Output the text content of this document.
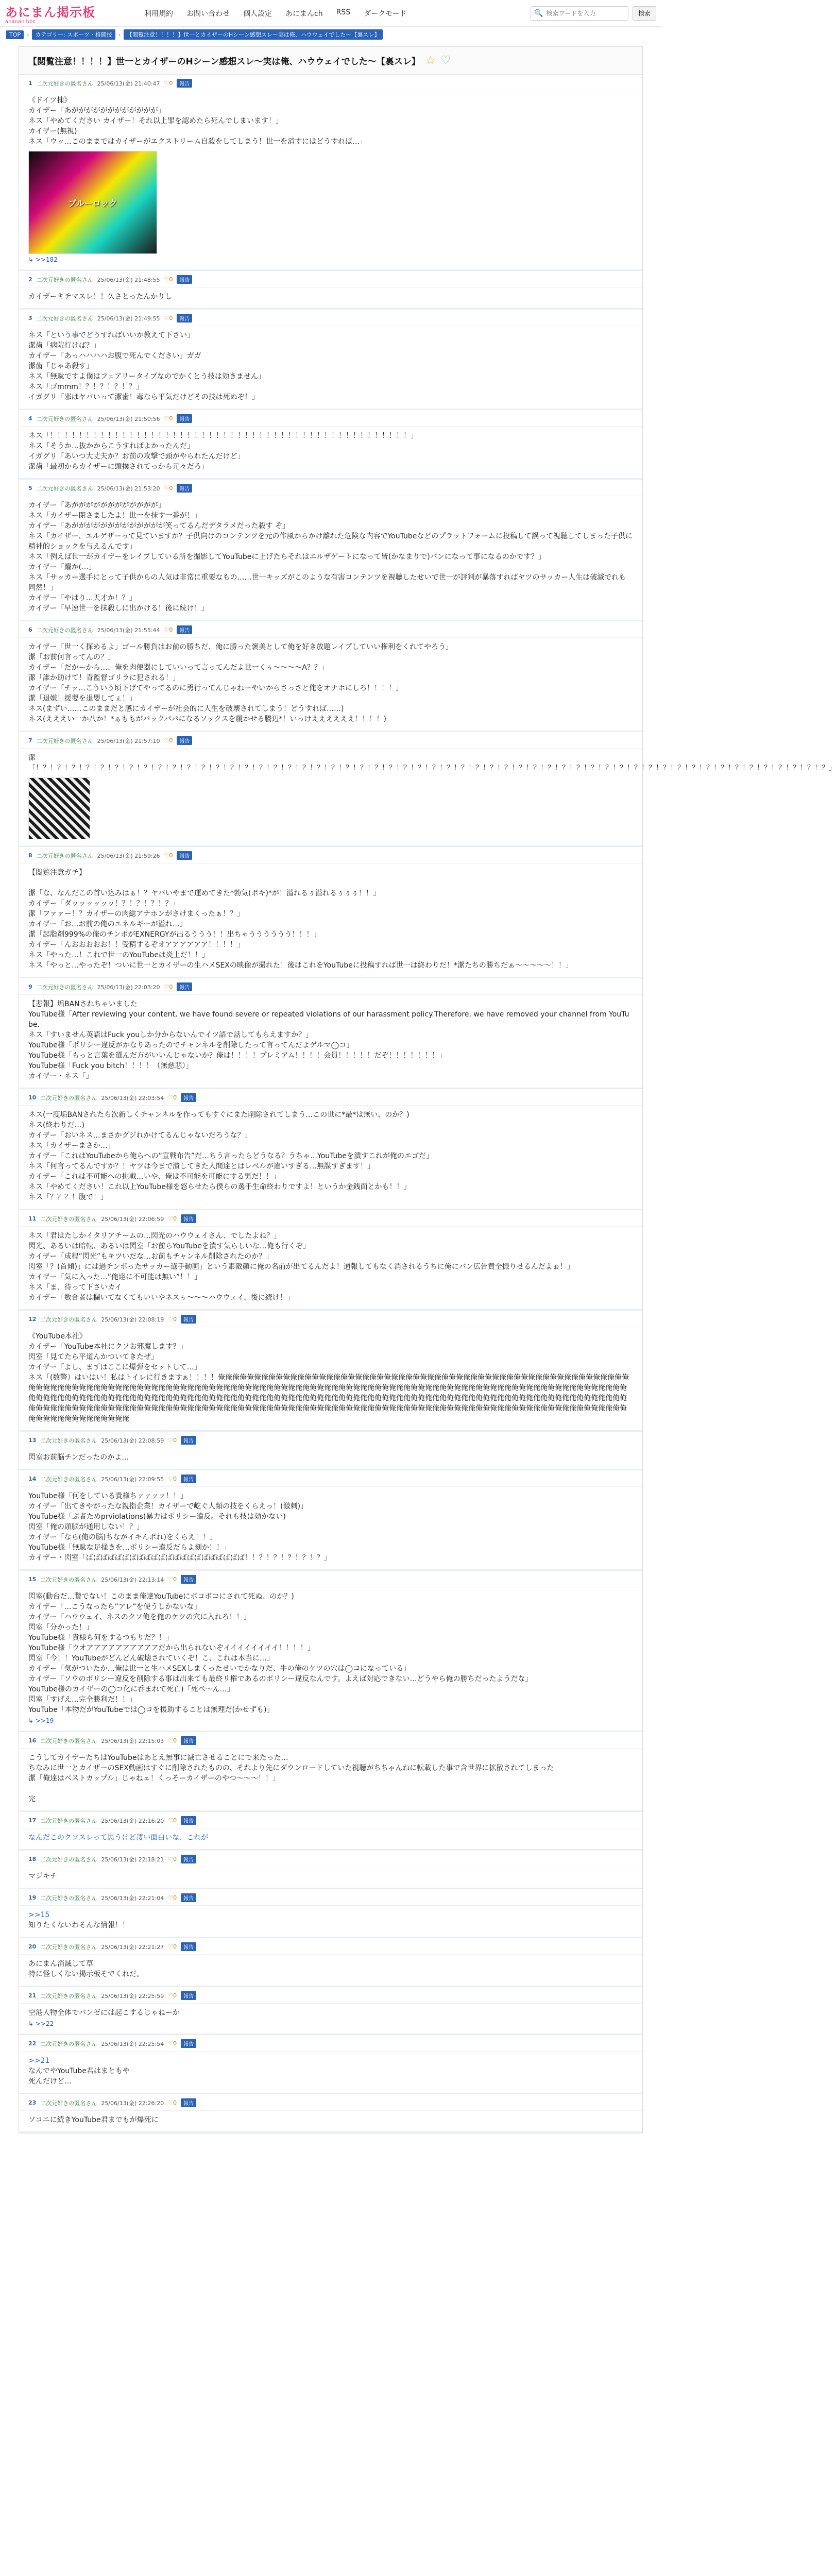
あにまん掲示板
animan bbs
利用規約 お問い合わせ 個人設定 あにまんch RSS ダークモード	🔍
検索ワードを入力	検索
TOP	›	カテゴリー: スポーツ・格闘技	›	【閲覧注意！！！！】世一とカイザーのHシーン感想スレ〜実は俺、ハウウェイでした〜【裏スレ】
【閲覧注意！！！！】世一とカイザーのHシーン感想スレ〜実は俺、ハウウェイでした〜【裏スレ】 ☆ ♡
1 二次元好きの匿名さん 25/06/13(金) 21:40:47 ♡0	報告
《ドイツ棟》
カイザー「あがががががががががががが」
ネス「やめてください カイザー！それ以上罪を認めたら死んでしまいます！」
カイザー(無視)
ネス「ウッ…このままではカイザーがエクストリーム自殺をしてしまう！世一を消すにはどうすれば…」
ブルーロック
↳ >>182
2 二次元好きの匿名さん 25/06/13(金) 21:48:55 ♡0	報告
カイザーキチマスレ！！久さとったんかりし
3 二次元好きの匿名さん 25/06/13(金) 21:49:55 ♡0	報告
ネス「という事でどうすればいいか教えて下さい」
潔歯「病院行けば？」
カイザー「あっハハハハお腹で死んでください」ガガ
潔歯「じゃあ殺す」
ネス「無駄ですよ僕はフェアリータイプなのでかくとう技は効きません」
ネス「ゴmmm！？！？！？！？」
イガグリ「邪はヤバいって潔歯！毒なら平気だけどその技は死ぬぞ！」
4 二次元好きの匿名さん 25/06/13(金) 21:50:56 ♡0	報告
ネス「！！！！！！！！！！！！！！！！！！！！！！！！！！！！！！！！！！！！！！！！！！！！！！！！！！」
ネス「そうか…抜かからこうすればよかったんだ」
イガグリ「あいつ大丈夫か？お前の攻撃で頭がやられたんだけど」
潔歯「最初からカイザーに頭撲されてっから元々だろ」
5 二次元好きの匿名さん 25/06/13(金) 21:53:20 ♡0	報告
カイザー「あがががががががががががが」
ネス「カイザー閉さましたよ！世一を抹す一番が！」
カイザー「あががががががががががががが笑ってるんだデタラメだった殺す ぞ」
ネス「カイザー、エルゲザーって見ていますか？子供向けのコンテンツを元の作風からかけ離れた危険な内容でYouTubeなどのプラットフォームに投稿して誤って視聴してしまった子供に精神的ショックを与えるんです」
ネス「例えば世一がカイザーをレイプしている所を撮影してYouTubeに上げたらそれはエルザゲートになって皆(かなまりで)バンになって事になるのかです？」
カイザー「躍か(…」
ネス「サッカー選手にとって子供からの人気は非常に重要なもの……世一キッズがこのような有害コンテンツを視聴したせいで世一が評判が暴落すればヤツのサッカー人生は破滅でれも同然！」
カイザー「やはり…天才か！？」
カイザー「早速世一を抹殺しに出かける！後に続け！」
6 二次元好きの匿名さん 25/06/13(金) 21:55:44 ♡0	報告
カイザー「世一く探めるよ」ゴール勝負はお前の勝ちだ、俺に勝った褒美として俺を好き放題レイプしていい権利をくれてやろう」
潔「お前何言ってんの？」
カイザー「だかーから…、俺を肉便器にしていいって言ってんだよ世一くぅ〜〜〜〜A？？」
潔「誰か助けて！青監督ゴリラに犯される！」
カイザー「チッ…こういう頃下げてやってるのに勇行ってんじゃねーやいからさっさと俺をオナホにしろ！！！！」
潔「退嫌！援嬰を退嬰してぇ！」
ネス(まずい……このままだと感にカイザーが社会的に人生を破壊されてしまう！どうすれば……)
ネス(えええい一か八か！*ぁももがバックパパになるソックスを履かせる騰辺*！いっけええええええ！！！！)
7 二次元好きの匿名さん 25/06/13(金) 21:57:10 ♡0	報告
潔
「！？！？！？！？！？！？！？！？！？！？！？！？！？！？！？！？！？！？！？！？！？！？！？！？！？！？！？！？！？！？！？！？！？！？！？！？！？！？！？！？！？！？！？！？！？！？！？！？！？！？！？！？！？！？！？」
8 二次元好きの匿名さん 25/06/13(金) 21:59:26 ♡0	報告
【閲覧注意ガチ】

潔「な、なんだこの首い込みはぁ！？ヤバいやまで運めてきた*勃気(ボキ)*が！溢れるぅ溢れるぅぅぅ！！」
カイザー「ダッッッッッッ！？！？！？！？」
潔「ファァー！？カイザーの肉総アナホンがさけまくったぁ！？」
カイザー「お…お前の俺のエネルギーが溢れ…」
潔「起脂剤999%の俺のチンポがEXNERGYが出るううう！！出ちゃうううううう！！！」
カイザー「んおおおおお！！受精するぞオアアアアアア！！！！」
ネス「やった…！これで世一のYouTubeは炎上だ！！」
ネス「やっと…やったぞ！ついに世一とカイザーの生ハメSEXの映像が撮れた！後はこれをYouTubeに投稿すれば世一は終わりだ！*潔たちの勝ちだぁ〜〜〜〜〜！！」
9 二次元好きの匿名さん 25/06/13(金) 22:03:20 ♡0	報告
【悲報】垢BANされちゃいました
YouTube様「After reviewing your content, we have found severe or repeated violations of our harassment policy.Therefore, we have removed your channel from YouTube.」
ネス「すいません英語はFuck youしか分からないんでイツ語で話してもらえますか？」
YouTube様「ポリシー違反がかなりあったのでチャンネルを削除したって言ってんだよゲルマ◯コ」
YouTube様「もっと言葉を選んだ方がいいんじゃないか？俺は！！！！プレミアム！！！！会員！！！！！だぞ！！！！！！！」
YouTube様「Fuck you bitch！！！！（無慈悲）」
カイザー・ネス「」
10 二次元好きの匿名さん 25/06/13(金) 22:03:54 ♡0	報告
ネス(一度垢BANされたら次新しくチャンネルを作ってもすぐにまた削除されてしまう…この世に*最*は無い、のか？)
ネス(終わりだ…)
カイザー「おいネス…まさかグジれかけてるんじゃないだろうな？」
ネス「カイザーまさか…」
カイザー「これはYouTubeから俺らへの”宣戦布告”だ…ちう言ったらどうなる？うちゃ…YouTubeを潰すこれが俺のエゴだ」
ネス「何言ってるんですか？！ヤツは今まで潰してきた人間達とはレベルが違いすぎる…無謀すぎます！」
カイザー「これは不可能への挑戦…いや、俺は不可能を可能にする男だ！！」
ネス「やめてください！これ以上YouTube様を怒らせたら僕らの選手生命終わりですよ！というか金銭面とかも！！」
ネス「？？？！腹で！」
11 二次元好きの匿名さん 25/06/13(金) 22:06:59 ♡0	報告
ネス「君はたしかイタリアチームの…閃光のハウウェイさん、でしたよね？」
閃光、あるいは暗転、あるいは閃室「お前らYouTubeを潰す気らしいな…俺も行くぞ」
カイザー「成程”閃光”もキツいだな…お前もチャンネル削除されたのか？」
閃室「？(首傾)」には過チンポったサッカー選手動画」という素敵顔に俺の名前が出てるんだよ！通報してもなく消されるうちに俺にバン広告費全振りせるんだよぉ！」
カイザー「気に入った…”俺達に不可能は無い”！！」
ネス「ま、待って下さいカイ
カイザー「数合者は欄いてなくてもいいやネスぅ〜〜〜ハウウェイ、後に続け！」
12 二次元好きの匿名さん 25/06/13(金) 22:08:19 ♡0	報告
《YouTube本社》
カイザー「YouTube本社にクソお邪魔します？」
閃室「見てたら平道んかついてきたぜ」
カイザー「よし、まずはここに爆弾をセットして…」
ネス「(数警）はいはい！私はトイレに行きますぁ！！！！俺俺俺俺俺俺俺俺俺俺俺俺俺俺俺俺俺俺俺俺俺俺俺俺俺俺俺俺俺俺俺俺俺俺俺俺俺俺俺俺俺俺俺俺俺俺俺俺俺俺俺俺俺俺俺俺俺俺俺俺俺俺俺俺俺俺俺俺俺俺俺俺俺俺俺俺俺俺俺俺俺俺俺俺俺俺俺俺俺俺俺俺俺俺俺俺俺俺俺俺俺俺俺俺俺俺俺俺俺俺俺俺俺俺俺俺俺俺俺俺俺俺俺俺俺俺俺俺俺俺俺俺俺俺俺俺俺俺俺俺俺俺俺俺俺俺俺俺俺俺俺俺俺俺俺俺俺俺俺俺俺俺俺俺俺俺俺俺俺俺俺俺俺俺俺俺俺俺俺俺俺俺俺俺俺俺俺俺俺俺俺俺俺俺俺俺俺俺俺俺俺俺俺俺俺俺俺俺俺俺俺俺俺俺俺俺俺俺俺俺俺俺俺俺俺俺俺俺俺俺俺俺俺俺俺俺俺俺俺俺俺俺俺俺俺俺俺俺俺俺俺俺俺俺俺俺俺俺俺俺俺俺俺俺俺俺俺俺俺俺俺俺俺俺俺俺俺俺俺俺俺俺俺俺俺俺俺俺俺俺俺俺俺俺俺俺俺俺俺俺俺俺俺俺俺俺俺俺俺俺俺俺俺俺俺俺俺俺俺俺
13 二次元好きの匿名さん 25/06/13(金) 22:08:59 ♡0	報告
閃室お前脳チンだったのかよ…
14 二次元好きの匿名さん 25/06/13(金) 22:09:55 ♡0	報告
YouTube様「何をしている貴様ちァァァァ！！」
カイザー「出てきやがったな親指企業！カイザーで屹ぐ人類の技をくらえっ！(激刺)」
YouTube様「ぶ者ためprviolations(暴力はポリシー違反。それも技は効かない)
閃室「俺の頭脳が通用しない！？」
カイザー「なら(俺の脳)ちながイキんボれ)をくらえ！！」
YouTube様「無駄な足掻きを…ポリシー違反だらよ刻か！！」
カイザー・閃室「ばばばばばばばばばばばばばばばばばばばばばば！！？！？！？！？！？」
15 二次元好きの匿名さん 25/06/13(金) 22:13:14 ♡0	報告
閃室(動台だ…贄でない！このまま俺達YouTubeにボコボコにされて死ぬ、のか？)
カイザー「…こうなったら”アレ”を使うしかないな」
カイザー「ハウウェイ、ネスのクソ俺を俺のケツの穴に入れろ！！」
閃室「分かった！」
YouTube様「貴様ら何をするつもりだ？！」
YouTube様「ウオアアアアアアアアアアだから出られないぞイイイイイイイイ！！！！」
閃室「今！！YouTubeがどんどん破壊されていくぞ！こ、これは本当に…」
カイザー「気がついたか…俺は世一と生ハメSEXしまくったせいでかなりだ、牛の俺のケツの穴は◯コになっている」
カイザー「ソウのポリシー違反を削除する事は出来ても最終リ権であるのポリシー違反なんです。よえば対応できない…どうやら俺の勝ちだったようだな」
YouTube様のカイザーの◯コ化に呑まれて死亡)「死ぺ〜ん…」
閃室「すげえ…完全勝利だ！！」
YouTube「本物だがYouTubeでは◯コを援助することは無理だ(かせずも)」
↳ >>19
16 二次元好きの匿名さん 25/06/13(金) 22:15:03 ♡0	報告
こうしてカイザーたちはYouTubeはあとえ無事に滅亡させることにで来たった…
ちなみに世一とカイザーのSEX動画はすぐに削除されたものの、それより先にダウンロードしていた視聴がちちゃんねに転載した事で含世界に拡散されてしまった
潔「俺達はベストカップル」じゃねェ！くっそーカイザーのやつ〜〜〜！！」

完
17 二次元好きの匿名さん 25/06/13(金) 22:16:20 ♡0	報告
なんだこのクソスレって思うけど凄い面白いな、これが
18 二次元好きの匿名さん 25/06/13(金) 22:18:21 ♡0	報告
マジキチ
19 二次元好きの匿名さん 25/06/13(金) 22:21:04 ♡0	報告
>>15
知りたくないわそんな情報！！
20 二次元好きの匿名さん 25/06/13(金) 22:21:27 ♡0	報告
あにまん消滅して草
特に怪しくない掲示板そでくれだ。
21 二次元好きの匿名さん 25/06/13(金) 22:25:59 ♡0	報告
空港人物全体でバンゼには起こするじゃねーか
↳ >>22
22 二次元好きの匿名さん 25/06/13(金) 22:25:54 ♡0	報告
>>21
なんでやYouTube君はまともや
死んだけど…
23 二次元好きの匿名さん 25/06/13(金) 22:26:20 ♡0	報告
ソコニに続きYouTube君までもが爆死に
